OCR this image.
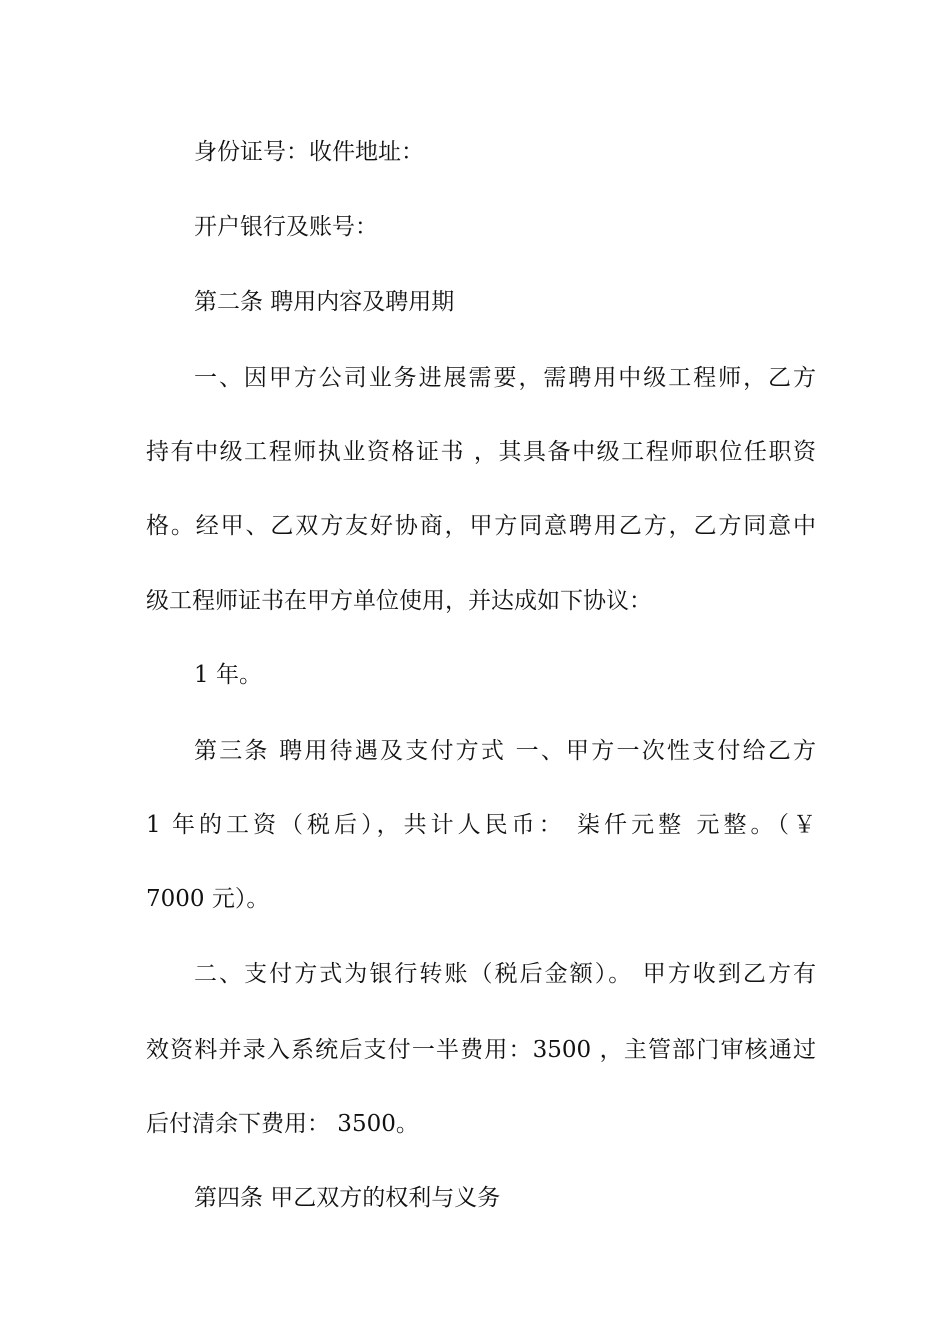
身份证号：收件地址：
开户银行及账号：
第二条 聘用内容及聘用期
一、因甲方公司业务进展需要，需聘用中级工程师，乙方
持有中级工程师执业资格证书 ，其具备中级工程师职位任职资
格。经甲、乙双方友好协商，甲方同意聘用乙方，乙方同意中
级工程师证书在甲方单位使用，并达成如下协议：
1 年。
第三条 聘用待遇及支付方式 一、甲方一次性支付给乙方
1 年的工资（税后），共计人民币： 柒仟元整 元整。（￥
7000 元）。
二、支付方式为银行转账（税后金额）。 甲方收到乙方有
效资料并录入系统后支付一半费用：3500 ，主管部门审核通过
后付清余下费用： 3500。
第四条 甲乙双方的权利与义务
